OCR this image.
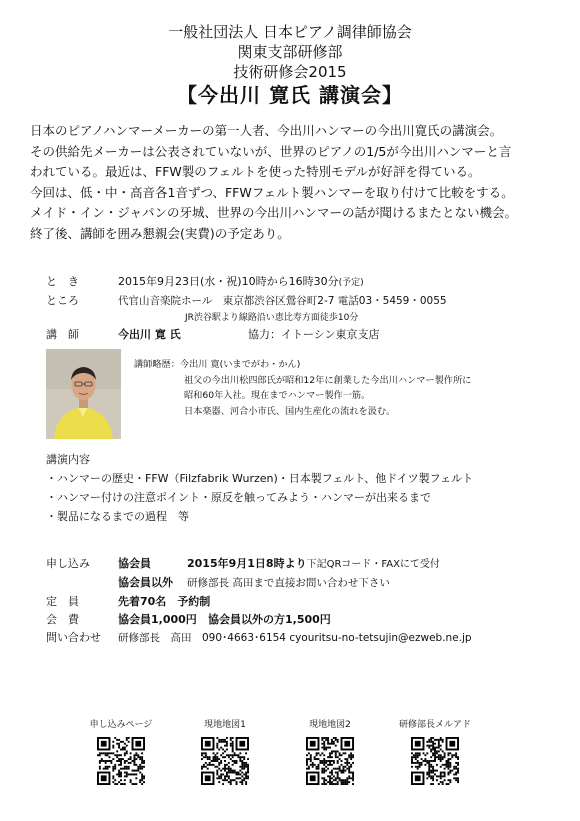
一般社団法人 日本ピアノ調律師協会
関東支部研修部
技術研修会2015
【今出川 寛氏 講演会】

日本のピアノハンマーメーカーの第一人者、今出川ハンマーの今出川寛氏の講演会。

その供給先メーカーは公表されていないが、世界のピアノの1/5が今出川ハンマーと言

われている。最近は、FFW製のフェルトを使った特別モデルが好評を得ている。

今回は、低・中・高音各1音ずつ、FFWフェルト製ハンマーを取り付けて比較をする。

メイド・イン・ジャパンの牙城、世界の今出川ハンマーの話が聞けるまたとない機会。

終了後、講師を囲み懇親会(実費)の予定あり。

と　き	2015年9月23日(水・祝)10時から16時30分(予定)
ところ	代官山音楽院ホール　東京都渋谷区鶯谷町2-7 電話03・5459・0055
JR渋谷駅より線路沿い恵比寿方面徒歩10分
講　師	今出川 寛 氏	協力：イトーシン東京支店
講師略歴：今出川 寛(いまでがわ・かん)
祖父の今出川松四郎氏が昭和12年に創業した今出川ハンマー製作所に
昭和60年入社。現在までハンマー製作一筋。
日本楽器、河合小市氏、国内生産化の流れを汲む。
講演内容
・ハンマーの歴史・FFW（Filzfabrik Wurzen)・日本製フェルト、他ドイツ製フェルト
・ハンマー付けの注意ポイント・原反を触ってみよう・ハンマーが出来るまで
・製品になるまでの過程　等
申し込み	協会員	2015年9月1日8時より下記QRコード・FAXにて受付
協会員以外 研修部長 高田まで直接お問い合わせ下さい
定　員	先着70名　予約制
会　費	協会員1,000円 協会員以外の方1,500円
問い合わせ	研修部長　高田　090･4663･6154 cyouritsu-no-tetsujin@ezweb.ne.jp
申し込みページ	現地地図1	現地地図2	研修部長メルアド
